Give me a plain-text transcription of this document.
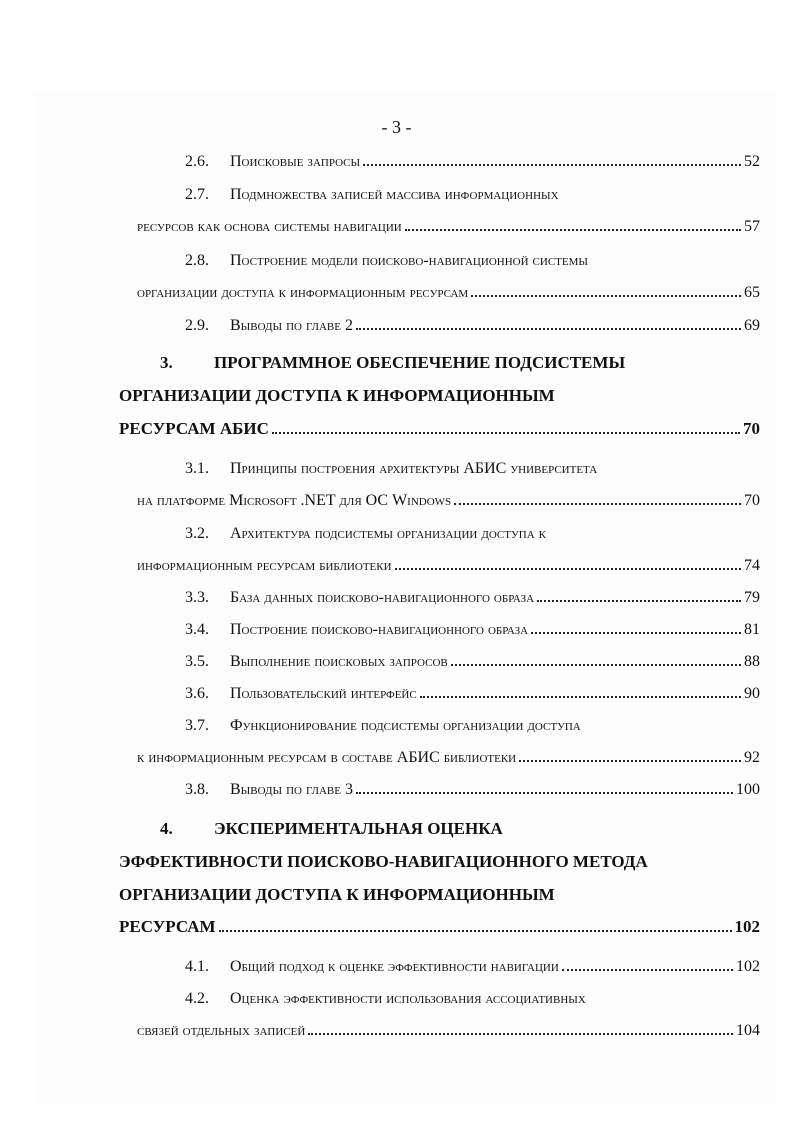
- 3 -
2.6. Поисковые запросы	52
2.7. Подмножества записей массива информационных
ресурсов как основа системы навигации	57
2.8. Построение модели поисково-навигационной системы
организации доступа к информационным ресурсам	65
2.9. Выводы по главе 2	69
3. ПРОГРАММНОЕ ОБЕСПЕЧЕНИЕ ПОДСИСТЕМЫ
ОРГАНИЗАЦИИ ДОСТУПА К ИНФОРМАЦИОННЫМ
РЕСУРСАМ АБИС	70
3.1. Принципы построения архитектуры АБИС университета
на платформе Microsoft .NET для ОС Windows	70
3.2. Архитектура подсистемы организации доступа к
информационным ресурсам библиотеки	74
3.3. База данных поисково-навигационного образа	79
3.4. Построение поисково-навигационного образа	81
3.5. Выполнение поисковых запросов	88
3.6. Пользовательский интерфейс	90
3.7. Функционирование подсистемы организации доступа
к информационным ресурсам в составе АБИС библиотеки	92
3.8. Выводы по главе 3	100
4. ЭКСПЕРИМЕНТАЛЬНАЯ ОЦЕНКА
ЭФФЕКТИВНОСТИ ПОИСКОВО-НАВИГАЦИОННОГО МЕТОДА
ОРГАНИЗАЦИИ ДОСТУПА К ИНФОРМАЦИОННЫМ
РЕСУРСАМ	102
4.1. Общий подход к оценке эффективности навигации	102
4.2. Оценка эффективности использования ассоциативных
связей отдельных записей	104
